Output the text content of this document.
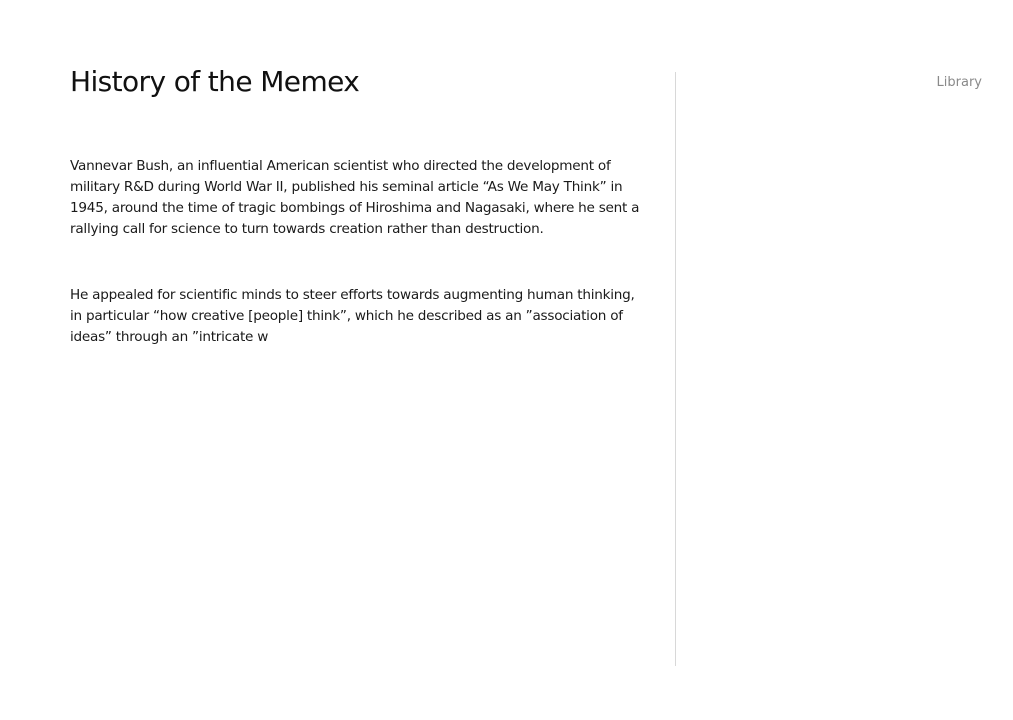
History of the Memex	Library

Vannevar Bush, an influential American scientist who directed the development of military R&D during World War II, published his seminal article “As We May Think” in 1945, around the time of tragic bombings of Hiroshima and Nagasaki, where he sent a rallying call for science to turn towards creation rather than destruction.

He appealed for scientific minds to steer efforts towards augmenting human thinking, in particular “how creative [people] think”, which he described as an ”association of ideas” through an ”intricate w
